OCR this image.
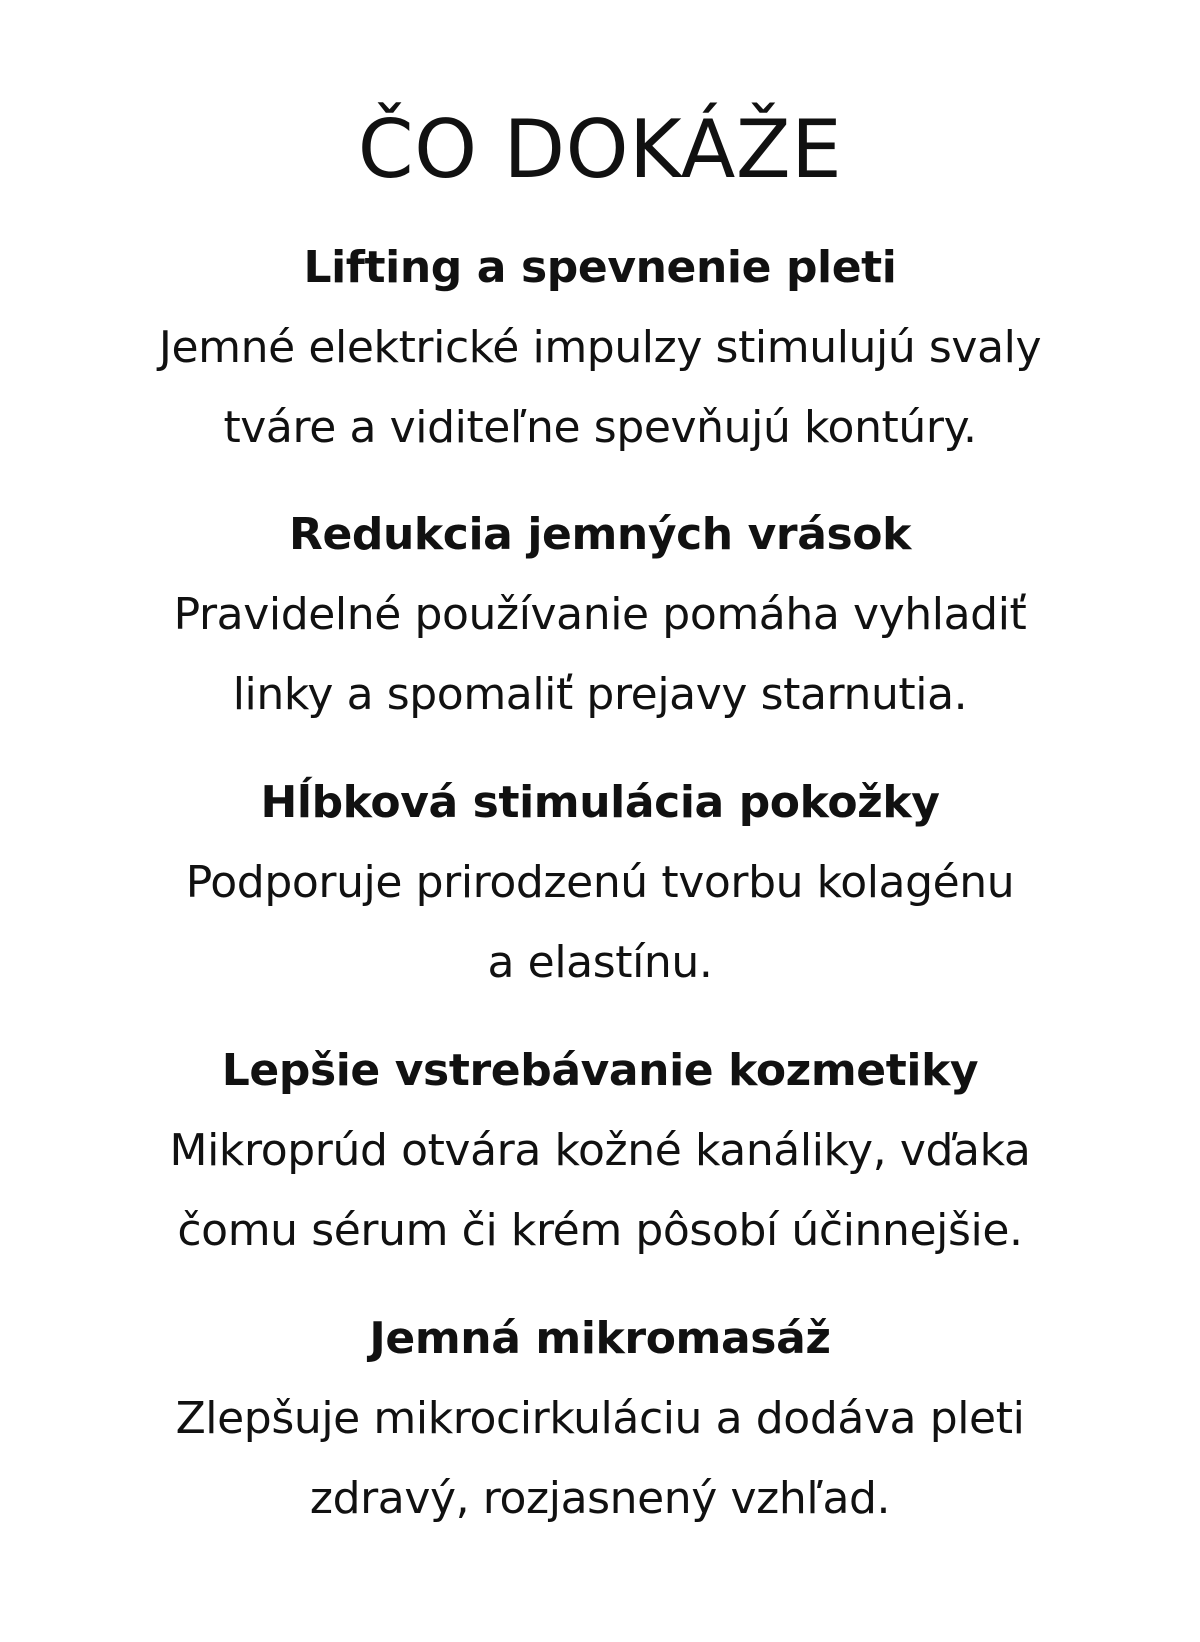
ČO DOKÁŽE
Lifting a spevnenie pleti

Jemné elektrické impulzy stimulujú svaly
tváre a viditeľne spevňujú kontúry.

Redukcia jemných vrások

Pravidelné používanie pomáha vyhladiť
linky a spomaliť prejavy starnutia.

Hĺbková stimulácia pokožky

Podporuje prirodzenú tvorbu kolagénu
a elastínu.

Lepšie vstrebávanie kozmetiky

Mikroprúd otvára kožné kanáliky, vďaka
čomu sérum či krém pôsobí účinnejšie.

Jemná mikromasáž

Zlepšuje mikrocirkuláciu a dodáva pleti
zdravý, rozjasnený vzhľad.
